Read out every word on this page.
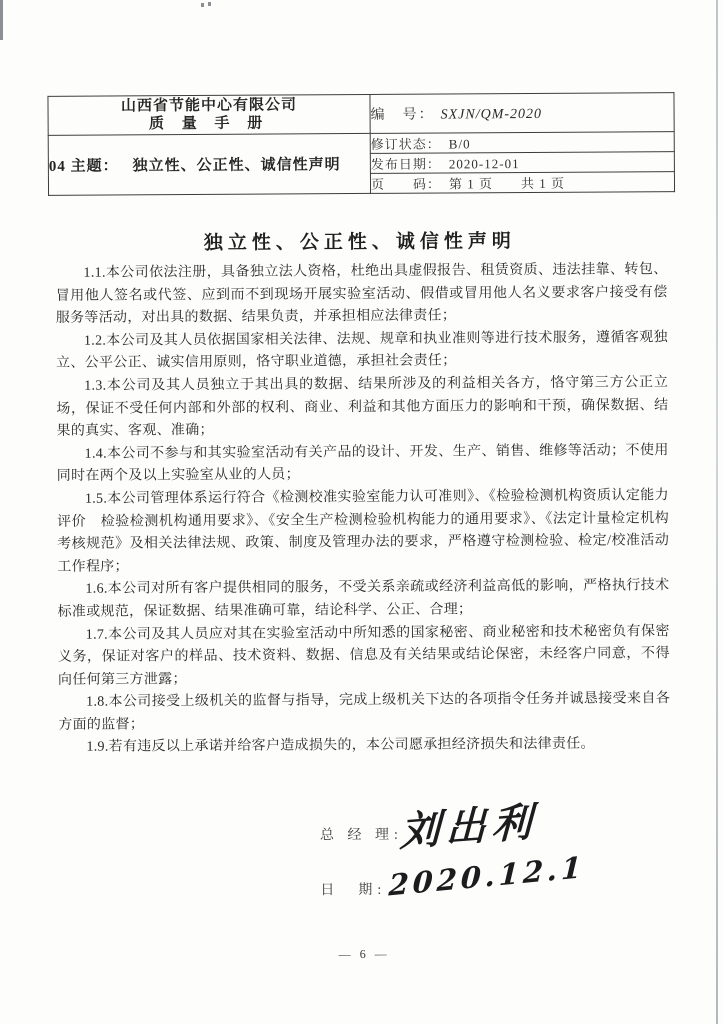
山西省节能中心有限公司
质 量 手 册	编　号： SXJN/QM-2020
04 主题： 独立性、公正性、诚信性声明	修订状态： B/0
	发布日期： 2020-12-01
	页　　码： 第 1 页　　共 1 页
独立性、公正性、诚信性声明

1.1.本公司依法注册，具备独立法人资格，杜绝出具虚假报告、租赁资质、违法挂靠、转包、冒用他人签名或代签、应到而不到现场开展实验室活动、假借或冒用他人名义要求客户接受有偿服务等活动，对出具的数据、结果负责，并承担相应法律责任；

1.2.本公司及其人员依据国家相关法律、法规、规章和执业准则等进行技术服务，遵循客观独立、公平公正、诚实信用原则，恪守职业道德，承担社会责任；

1.3.本公司及其人员独立于其出具的数据、结果所涉及的利益相关各方，恪守第三方公正立场，保证不受任何内部和外部的权利、商业、利益和其他方面压力的影响和干预，确保数据、结果的真实、客观、准确；

1.4.本公司不参与和其实验室活动有关产品的设计、开发、生产、销售、维修等活动；不使用同时在两个及以上实验室从业的人员；

1.5.本公司管理体系运行符合《检测校准实验室能力认可准则》、《检验检测机构资质认定能力评价　检验检测机构通用要求》、《安全生产检测检验机构能力的通用要求》、《法定计量检定机构考核规范》及相关法律法规、政策、制度及管理办法的要求，严格遵守检测检验、检定/校准活动工作程序；

1.6.本公司对所有客户提供相同的服务，不受关系亲疏或经济利益高低的影响，严格执行技术标准或规范，保证数据、结果准确可靠，结论科学、公正、合理；

1.7.本公司及其人员应对其在实验室活动中所知悉的国家秘密、商业秘密和技术秘密负有保密义务，保证对客户的样品、技术资料、数据、信息及有关结果或结论保密，未经客户同意，不得向任何第三方泄露；

1.8.本公司接受上级机关的监督与指导，完成上级机关下达的各项指令任务并诚恳接受来自各方面的监督；

1.9.若有违反以上承诺并给客户造成损失的，本公司愿承担经济损失和法律责任。

总 经 理:
刘出利
日　期: 2020.12.1
— 6 —
